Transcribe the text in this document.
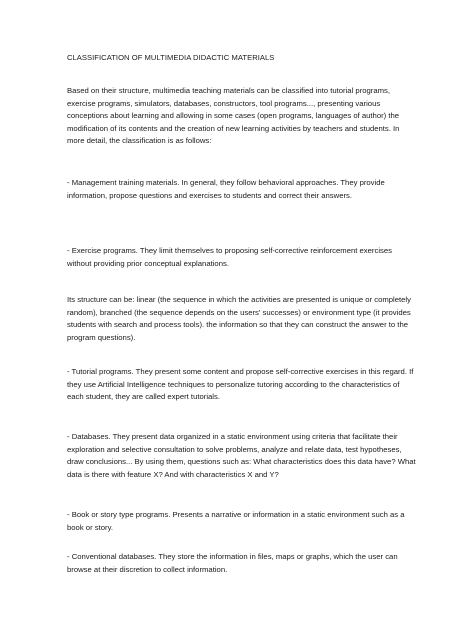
CLASSIFICATION OF MULTIMEDIA DIDACTIC MATERIALS

Based on their structure, multimedia teaching materials can be classified into tutorial programs, exercise programs, simulators, databases, constructors, tool programs..., presenting various conceptions about learning and allowing in some cases (open programs, languages of author) the modification of its contents and the creation of new learning activities by teachers and students. In more detail, the classification is as follows:

- Management training materials. In general, they follow behavioral approaches. They provide information, propose questions and exercises to students and correct their answers.

- Exercise programs. They limit themselves to proposing self-corrective reinforcement exercises without providing prior conceptual explanations.

Its structure can be: linear (the sequence in which the activities are presented is unique or completely random), branched (the sequence depends on the users' successes) or environment type (it provides students with search and process tools). the information so that they can construct the answer to the program questions).

- Tutorial programs. They present some content and propose self-corrective exercises in this regard. If they use Artificial Intelligence techniques to personalize tutoring according to the characteristics of each student, they are called expert tutorials.

- Databases. They present data organized in a static environment using criteria that facilitate their exploration and selective consultation to solve problems, analyze and relate data, test hypotheses, draw conclusions... By using them, questions such as: What characteristics does this data have? What data is there with feature X? And with characteristics X and Y?

- Book or story type programs. Presents a narrative or information in a static environment such as a book or story.

- Conventional databases. They store the information in files, maps or graphs, which the user can browse at their discretion to collect information.
